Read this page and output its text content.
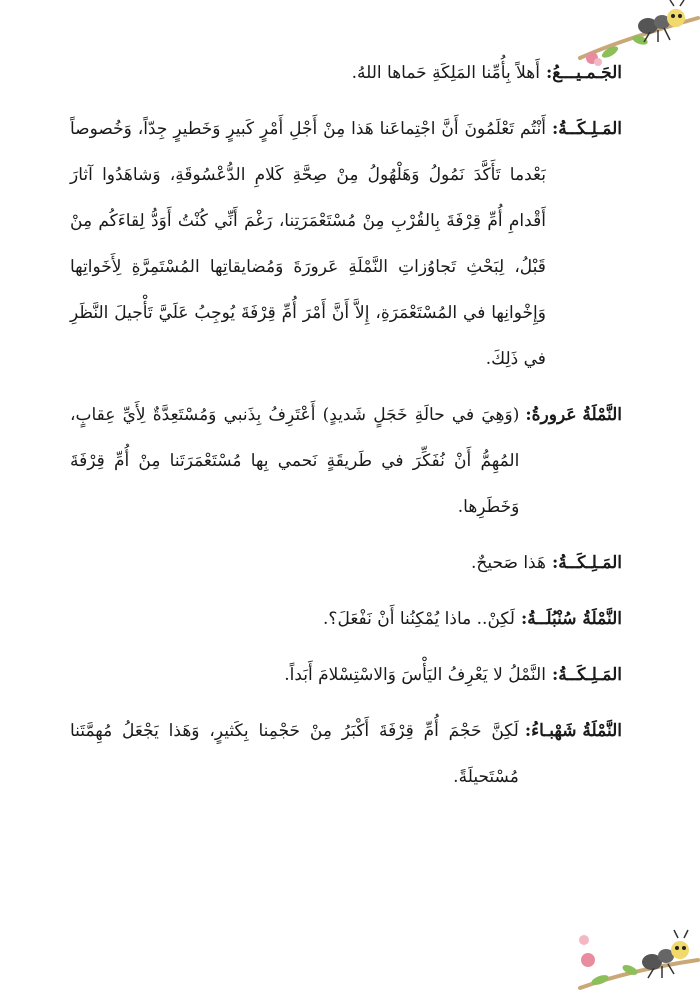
الجَـمـيـــعُ:
أَهلاً بِأُمِّنا المَلِكَةِ حَماها اللهُ.
المَـلِـكَــةُ:
أَنْتُم تَعْلَمُونَ أَنَّ اجْتِماعَنا هَذا مِنْ أَجْلِ أَمْرٍ كَبيرٍ وَخَطيرٍ جِدّاً، وَخُصوصاً بَعْدما تَأَكَّدَ نَمُولُ وَهَلْهُولُ مِنْ صِحَّةِ كَلامِ الدُّعْسُوقَةِ، وَشاهَدُوا آثارَ أَقْدامِ أُمِّ قِرْفَةَ بِالقُرْبِ مِنْ مُسْتَعْمَرَتِنا، رَغْمَ أَنِّي كُنْتُ أَوَدُّ لِقاءَكُم مِنْ قَبْلُ، لِبَحْثِ تَجاوُزاتِ النَّمْلَةِ عَرورَةَ وَمُضايقاتِها المُسْتَمِرَّةِ لِأَخَواتِها وَإِخْوانِها في المُسْتَعْمَرَةِ، إِلاَّ أَنَّ أَمْرَ أُمِّ قِرْفَةَ يُوجِبُ عَلَيَّ تَأْجيلَ النَّظَرِ في ذَلِكَ.
النَّمْلَةُ عَرورةُ:
(وَهِيَ في حالَةِ خَجَلٍ شَديدٍ) أَعْتَرِفُ بِذَنبي وَمُسْتَعِدَّةٌ لِأَيِّ عِقابٍ، المُهِمُّ أَنْ نُفَكِّرَ في طَريقَةٍ نَحمي بِها مُسْتَعْمَرَتَنا مِنْ أُمِّ قِرْفَةَ وَخَطَرِها.
المَـلِـكَــةُ:
هَذا صَحيحٌ.
النَّمْلَةُ سُنْبُلَــةُ:
لَكِنْ.. ماذا يُمْكِنُنا أَنْ نَفْعَلَ؟.
المَـلِـكَــةُ:
النَّمْلُ لا يَعْرِفُ اليَأْسَ وَالاسْتِسْلامَ أَبَداً.
النَّمْلَةُ شَهْبـاءُ:
لَكِنَّ حَجْمَ أُمِّ قِرْفَةَ أَكْبَرُ مِنْ حَجْمِنا بِكَثيرٍ، وَهَذا يَجْعَلُ مُهِمَّتَنا مُسْتَحيلَةً.
